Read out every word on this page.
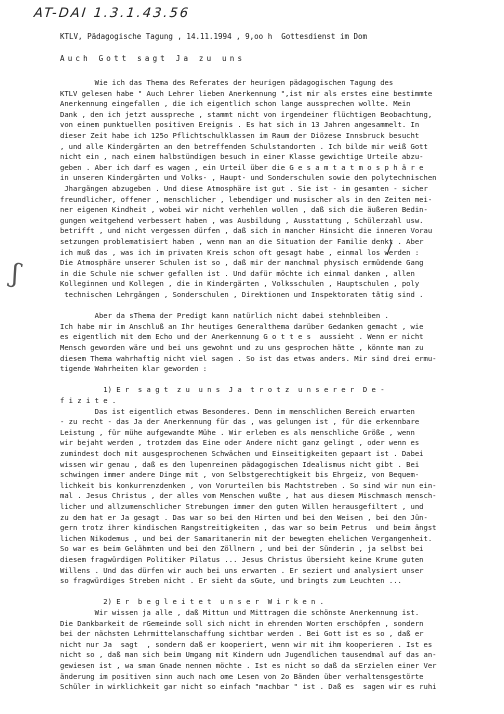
AT-DAI 1.3.1.43.56
ʃ
KTLV, Pädagogische Tagung , 14.11.1994 , 9,oo h  Gottesdienst im Dom
Auch Gott sagt Ja zu uns
Wie ich das Thema des Referates der heurigen pädagogischen Tagung des
KTLV gelesen habe " Auch Lehrer lieben Anerkennung ",ist mir als erstes eine bestimmte
Anerkennung eingefallen , die ich eigentlich schon lange aussprechen wollte. Mein
Dank , den ich jetzt ausspreche , stammt nicht von irgendeiner flüchtigen Beobachtung,
von einem punktuellen positiven Ereignis . Es hat sich in 13 Jahren angesammelt. In
dieser Zeit habe ich 125o Pflichtschulklassen im Raum der Diözese Innsbruck besucht
, und alle Kindergärten an den betreffenden Schulstandorten . Ich bilde mir weiß Gott
nicht ein , nach einem halbstündigen besuch in einer Klasse gewichtige Urteile abzu-
geben . Aber ich darf es wagen , ein Urteil über die G e s a m t a t m o s p h ä r e
in unseren Kindergärten und Volks- , Haupt- und Sonderschulen sowie den polytechnischen
Jhargängen abzugeben . Und diese Atmosphäre ist gut . Sie ist - im gesamten - sicher
freundlicher, offener , menschlicher , lebendiger und musischer als in den Zeiten mei-
ner eigenen Kindheit , wobei wir nicht verhehlen wollen , daß sich die äußeren Bedin-
gungen weitgehend verbessert haben , was Ausbildung , Ausstattung , Schülerzahl usw.
betrifft , und nicht vergessen dürfen , daß sich in mancher Hinsicht die inneren Vorau
setzungen problematisiert haben , wenn man an die Situation der Familie denkt . Aber
ich muß das , was ich im privaten Kreis schon oft gesagt habe , einmal los werden :
Die Atmosphäre unserer Schulen ist so , daß mir der manchmal physisch ermüdende Gang
in die Schule nie schwer gefallen ist . Und dafür möchte ich einmal danken , allen
Kolleginnen und Kollegen , die in Kindergärten , Volksschulen , Hauptschulen , poly
technischen Lehrgängen , Sonderschulen , Direktionen und Inspektoraten tätig sind .
Aber da sThema der Predigt kann natürlich nicht dabei stehnbleiben .
Ich habe mir im Anschluß an Ihr heutiges Generalthema darüber Gedanken gemacht , wie
es eigentlich mit dem Echo und der Anerkennung G o t t e s  aussieht . Wenn er nicht
Mensch geworden wäre und bei uns gewohnt und zu uns gesprochen hätte , könnte man zu
diesem Thema wahrhaftig nicht viel sagen . So ist das etwas anders. Mir sind drei ermu-
tigende Wahrheiten klar geworden :
1) E r  s a g t  z u  u n s  J a  t r o t z  u n s e r e r  D e -
f i z i t e .
Das ist eigentlich etwas Besonderes. Denn im menschlichen Bereich erwarten
- zu recht - das Ja der Anerkennung für das , was gelungen ist , für die erkennbare
Leistung , für mühe aufgewandte Mühe . Wir erleben es als menschliche Größe , wenn
wir bejaht werden , trotzdem das Eine oder Andere nicht ganz gelingt , oder wenn es
zumindest doch mit ausgesprochenen Schwächen und Einseitigkeiten gepaart ist . Dabei
wissen wir genau , daß es den lupenreinen pädagogischen Idealismus nicht gibt . Bei
schwingen immer andere Dinge mit , von Selbstgerechtigkeit bis Ehrgeiz, von Bequem-
lichkeit bis konkurrenzdenken , von Vorurteilen bis Machtstreben . So sind wir nun ein-
mal . Jesus Christus , der alles vom Menschen wußte , hat aus diesem Mischmasch mensch-
licher und allzumenschlicher Strebungen immer den guten Willen herausgefiltert , und
zu dem hat er Ja gesagt . Das war so bei den Hirten und bei den Weisen , bei den Jün-
gern trotz ihrer kindischen Rangstreitigkeiten , das war so beim Petrus  und beim ängst
lichen Nikodemus , und bei der Samaritanerin mit der bewegten ehelichen Vergangenheit.
So war es beim Gelähmten und bei den Zöllnern , und bei der Sünderin , ja selbst bei
diesem fragwürdigen Politiker Pilatus ... Jesus Christus übersieht keine Krume guten
Willens . Und das dürfen wir auch bei uns erwarten . Er seziert und analysiert unser
so fragwürdiges Streben nicht . Er sieht da sGute, und bringts zum Leuchten ...
2) E r  b e g l e i t e t  u n s e r  W i r k e n .
Wir wissen ja alle , daß Mittun und Mittragen die schönste Anerkennung ist.
Die Dankbarkeit de rGemeinde soll sich nicht in ehrenden Worten erschöpfen , sondern
bei der nächsten Lehrmittelanschaffung sichtbar werden . Bei Gott ist es so , daß er
nicht nur Ja  sagt  , sondern daß er kooperiert, wenn wir mit ihm kooperieren . Ist es
nicht so , daß man sich beim Umgang mit Kindern udn Jugendlichen tausendmal auf das an-
gewiesen ist , wa sman Gnade nennen möchte . Ist es nicht so daß da sErzielen einer Ver
änderung im positiven sinn auch nach ome Lesen von 2o Bänden über verhaltensgestörte
Schüler in wirklichkeit gar nicht so einfach "machbar " ist . Daß es  sagen wir es ruhi
